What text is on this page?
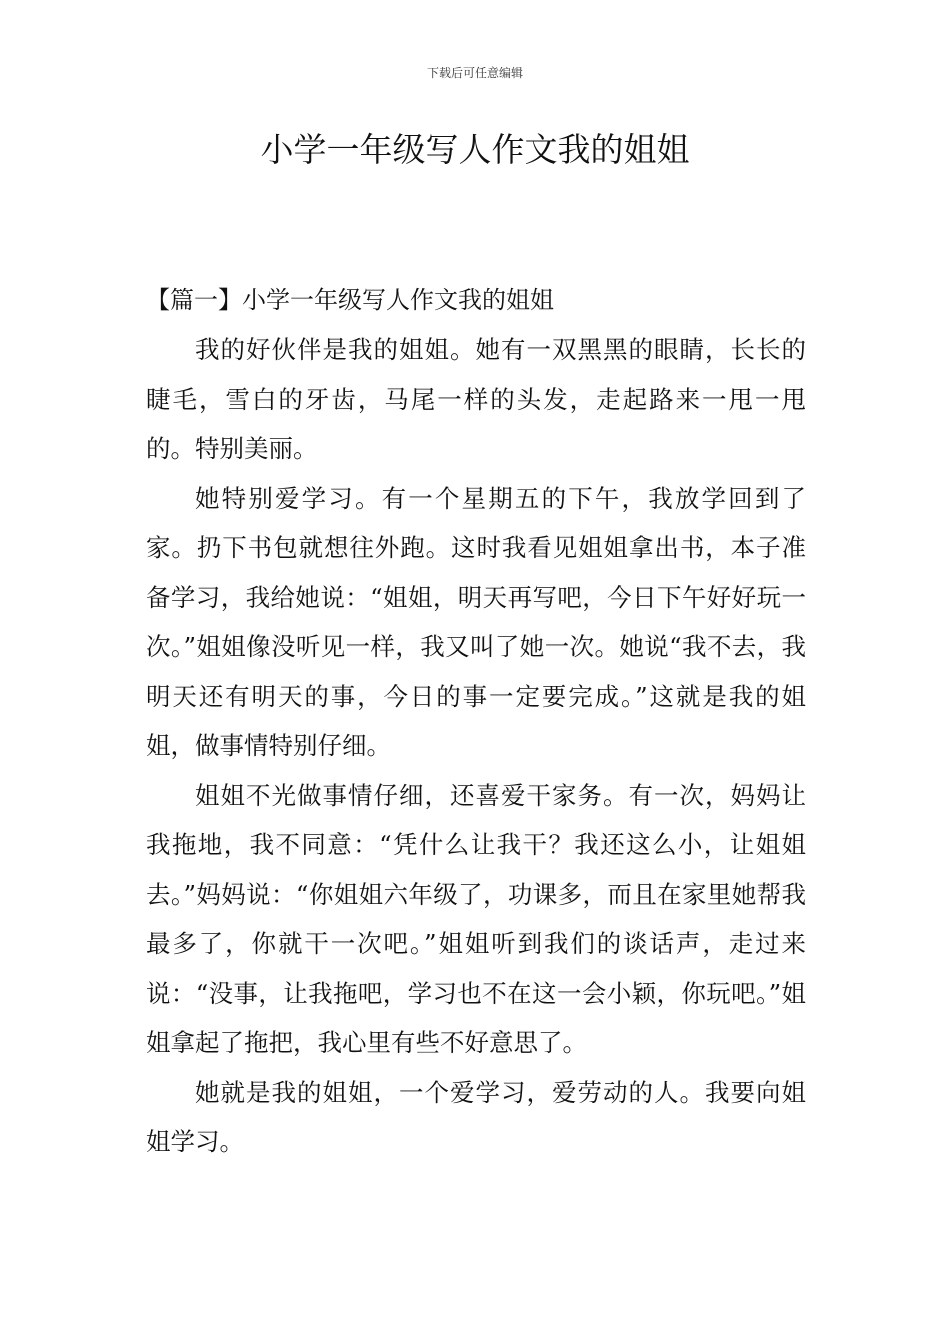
下载后可任意编辑
小学一年级写人作文我的姐姐
【篇一】小学一年级写人作文我的姐姐

我的好伙伴是我的姐姐。她有一双黑黑的眼睛，长长的睫毛，雪白的牙齿，马尾一样的头发，走起路来一甩一甩的。特别美丽。

她特别爱学习。有一个星期五的下午，我放学回到了家。扔下书包就想往外跑。这时我看见姐姐拿出书，本子准备学习，我给她说：“姐姐，明天再写吧，今日下午好好玩一次。”姐姐像没听见一样，我又叫了她一次。她说“我不去，我明天还有明天的事，今日的事一定要完成。”这就是我的姐姐，做事情特别仔细。

姐姐不光做事情仔细，还喜爱干家务。有一次，妈妈让我拖地，我不同意：“凭什么让我干？我还这么小，让姐姐去。”妈妈说：“你姐姐六年级了，功课多，而且在家里她帮我最多了，你就干一次吧。”姐姐听到我们的谈话声，走过来说：“没事，让我拖吧，学习也不在这一会小颖，你玩吧。”姐姐拿起了拖把，我心里有些不好意思了。

她就是我的姐姐，一个爱学习，爱劳动的人。我要向姐姐学习。
